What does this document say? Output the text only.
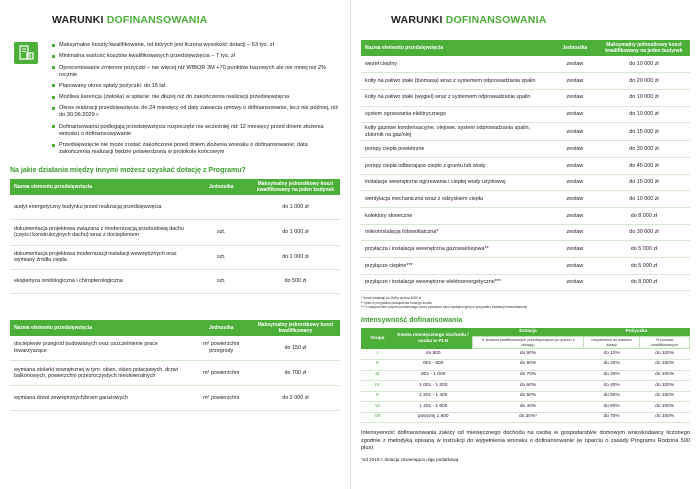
WARUNKI DOFINANSOWANIA
Maksymalne koszty kwalifikowane, od których jest liczona wysokość dotacji – 53 tys. zł
Minimalna wartość kosztów kwalifikowanych przedsięwzięcia – 7 tys. zł
Oprocentowanie zmienne pożyczki – nie więcej niż WIBOR 3M +70 punktów bazowych ale nie mniej niż 2% rocznie
Planowany okres spłaty pożyczki: do 15 lat
Możliwa karencja (zwłoka) w spłacie: nie dłużej niż do zakończenia realizacji przedsięwzięcia
Okres realizacji przedsięwzięcia: do 24 miesięcy od daty zawarcia umowy o dofinansowanie, lecz nie później, niż do 30.06.2029 r.
Dofinansowaniu podlegają przedsięwzięcia rozpoczęte nie wcześniej niż 12 miesięcy przed dniem złożenia wniosku o dofinansowywanie
Przedsięwzięcie nie może zostać zakończone przed dniem złożenia wniosku o dofinansowanie; data zakończenia realizacji będzie potwierdzona w protokole końcowym
Na jakie działania między innymi możesz uzyskać dotację z Programu?
Nazwa elementu przedsięwzięcia	Jednostka	Maksymalny jednostkowy koszt kwalifikowany na jeden budynek
audyt energetyczny budynku przed realizacją przedsięwzięcia		do 1 000 zł
dokumentacja projektowa związana z modernizacją przebudową dachu (części konstrukcyjnych dachu) wraz z dociepleniem	szt.	do 1 000 zł
dokumentacja projektowa modernizacji instalacji wewnętrznych oraz wymiany źródła ciepła	szt.	do 1 000 zł
ekspertyza ornitologiczna i chiropterologiczna	szt.	do 500 zł
Nazwa elementu przedsięwzięcia	Jednostka	Maksymalny jednostkowy koszt kwalifikowany
docieplenie przegród budowlanych oraz uszczelnienie prace towarzyszące	m² powierzchni przegrody	do 150 zł
wymiana stolarki zewnętrznej w tym: okien, okien połaciowych, drzwi balkonowych, powierzchni przezroczystych nieotwieralnych	m² powierzchni	do 700 zł
wymiana drzwi zewnętrznych/bram garażowych	m² powierzchni	do 2 000 zł
WARUNKI DOFINANSOWANIA
Nazwa elementu przedsięwzięcia	Jednostka	Maksymalny jednostkowy koszt kwalifikowany na jeden budynek
węzeł cieplny	zestaw	do 10 000 zł
kotły na paliwo stałe (biomasa) wraz z systemem odprowadzania spalin	zestaw	do 20 000 zł
kotły na paliwo stałe (węgiel) wraz z systemem odprowadzania spalin	zestaw	do 10 000 zł
system ogrzewania elektrycznego	zestaw	do 10 000 zł
kotły gazowe kondensacyjne, olejowe, system odprowadzania spalin, zbiornik na gaz/olej	zestaw	do 15 000 zł
pompy ciepła powietrzne	zestaw	do 30 000 zł
pompy ciepła odbierające ciepło z gruntu lub wody	zestaw	do 45 000 zł
instalacje wewnętrzne ogrzewania i ciepłej wody użytkowej	zestaw	do 15 000 zł
wentylacja mechaniczna wraz z odzyskiem ciepła	zestaw	do 10 000 zł
kolektory słoneczne	zestaw	do 8 000 zł
mikroinstalacja fotowoltaiczna*	zestaw	do 30 000 zł
przyłącza i instalacja wewnętrzna gazowa/olejowa**	zestaw	do 5 000 zł
przyłącze ciepłne***	zestaw	do 5 000 zł
przyłącze i instalacje wewnętrzne elektroenergetyczne***	zestaw	do 8 000 zł
* Koszt instalacji za 1kWp wynosi 6000 zł
** tylko w przypadku podłączenia nowego źródła
*** z wyłączeniem kosztu poniesionego przez operatora sieci dystrybucyjnej w przypadku instalacji fotowoltaicznej
Intensywność dofinansowania
Grupa	Kwota miesięcznego dochodu / osoba w PLN	Dotacja	Pożyczka	
		% kosztów kwalifikowanych przedsięwzięcia (w oparciu o dotację)	uzupełnienie do wartości dotacji	% kosztów kwalifikowanych
I	do 600	do 90%	do 10%	do 100%
II	601 - 800	do 80%	do 20%	do 100%
III	801 - 1 000	do 70%	do 30%	do 100%
IV	1 001 - 1 200	do 60%	do 40%	do 100%
V	1 201 - 1 400	do 50%	do 50%	do 100%
VI	1 401 - 1 600	do 40%	do 60%	do 100%
VII	powyżej 1 600	do 30%*	do 70%	do 100%
Intensywność dofinansowania zależy od miesięcznego dochodu na osobę w gospodarstwie domowym wnioskodawcy liczonego zgodnie z metodyką opisaną w instrukcji do wypełnienia wniosku o dofinansowanie (w oparciu o zasady Programu Rodzina 500 plus)
*od 2019 r. dotacja zawierająca ulgę podatkową
